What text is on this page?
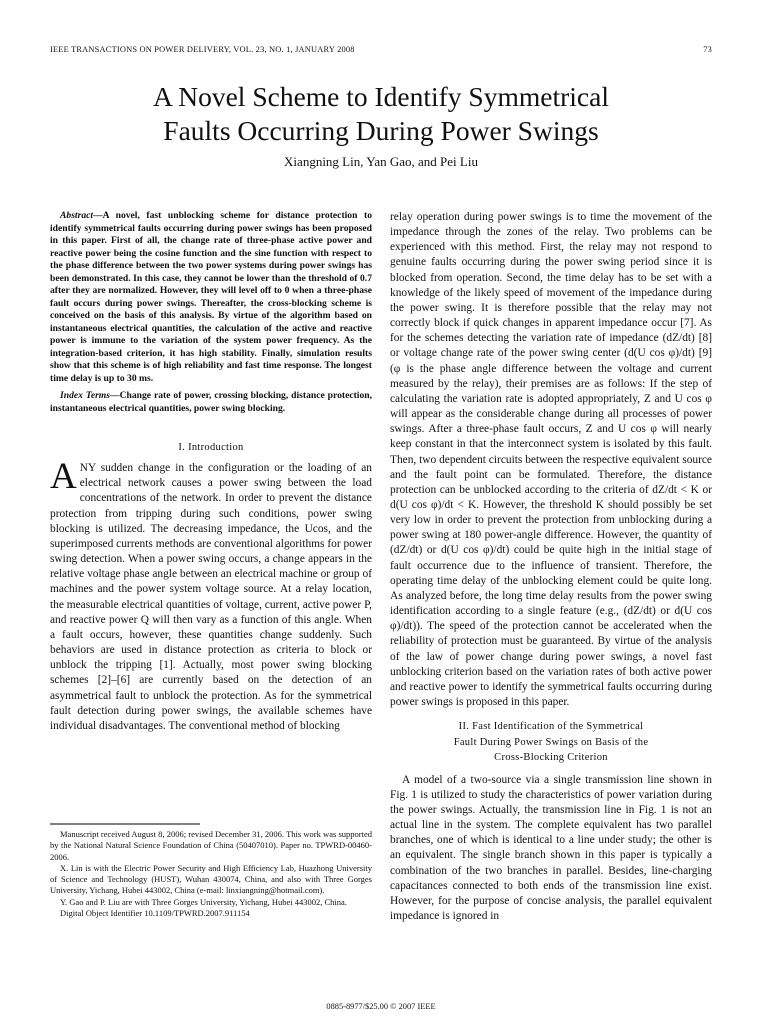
IEEE TRANSACTIONS ON POWER DELIVERY, VOL. 23, NO. 1, JANUARY 2008	73
A Novel Scheme to Identify Symmetrical
Faults Occurring During Power Swings
Xiangning Lin, Yan Gao, and Pei Liu

Abstract—A novel, fast unblocking scheme for distance protection to identify symmetrical faults occurring during power swings has been proposed in this paper. First of all, the change rate of three-phase active power and reactive power being the cosine function and the sine function with respect to the phase difference between the two power systems during power swings has been demonstrated. In this case, they cannot be lower than the threshold of 0.7 after they are normalized. However, they will level off to 0 when a three-phase fault occurs during power swings. Thereafter, the cross-blocking scheme is conceived on the basis of this analysis. By virtue of the algorithm based on instantaneous electrical quantities, the calculation of the active and reactive power is immune to the variation of the system power frequency. As the integration-based criterion, it has high stability. Finally, simulation results show that this scheme is of high reliability and fast time response. The longest time delay is up to 30 ms.

Index Terms—Change rate of power, crossing blocking, distance protection, instantaneous electrical quantities, power swing blocking.

I. Introduction

ANY sudden change in the configuration or the loading of an electrical network causes a power swing between the load concentrations of the network. In order to prevent the distance protection from tripping during such conditions, power swing blocking is utilized. The decreasing impedance, the Ucos, and the superimposed currents methods are conventional algorithms for power swing detection. When a power swing occurs, a change appears in the relative voltage phase angle between an electrical machine or group of machines and the power system voltage source. At a relay location, the measurable electrical quantities of voltage, current, active power P, and reactive power Q will then vary as a function of this angle. When a fault occurs, however, these quantities change suddenly. Such behaviors are used in distance protection as criteria to block or unblock the tripping [1]. Actually, most power swing blocking schemes [2]–[6] are currently based on the detection of an asymmetrical fault to unblock the protection. As for the symmetrical fault detection during power swings, the available schemes have individual disadvantages. The conventional method of blocking

Manuscript received August 8, 2006; revised December 31, 2006. This work was supported by the National Natural Science Foundation of China (50407010). Paper no. TPWRD-00460-2006.

X. Lin is with the Electric Power Security and High Efficiency Lab, Huazhong University of Science and Technology (HUST), Wuhan 430074, China, and also with Three Gorges University, Yichang, Hubei 443002, China (e-mail: linxiangning@hotmail.com).

Y. Gao and P. Liu are with Three Gorges University, Yichang, Hubei 443002, China.

Digital Object Identifier 10.1109/TPWRD.2007.911154

relay operation during power swings is to time the movement of the impedance through the zones of the relay. Two problems can be experienced with this method. First, the relay may not respond to genuine faults occurring during the power swing period since it is blocked from operation. Second, the time delay has to be set with a knowledge of the likely speed of movement of the impedance during the power swing. It is therefore possible that the relay may not correctly block if quick changes in apparent impedance occur [7]. As for the schemes detecting the variation rate of impedance (dZ/dt) [8] or voltage change rate of the power swing center (d(U cos φ)/dt) [9] (φ is the phase angle difference between the voltage and current measured by the relay), their premises are as follows: If the step of calculating the variation rate is adopted appropriately, Z and U cos φ will appear as the considerable change during all processes of power swings. After a three-phase fault occurs, Z and U cos φ will nearly keep constant in that the interconnect system is isolated by this fault. Then, two dependent circuits between the respective equivalent source and the fault point can be formulated. Therefore, the distance protection can be unblocked according to the criteria of dZ/dt < K or d(U cos φ)/dt < K. However, the threshold K should possibly be set very low in order to prevent the protection from unblocking during a power swing at 180 power-angle difference. However, the quantity of (dZ/dt) or d(U cos φ)/dt) could be quite high in the initial stage of fault occurrence due to the influence of transient. Therefore, the operating time delay of the unblocking element could be quite long. As analyzed before, the long time delay results from the power swing identification according to a single feature (e.g., (dZ/dt) or d(U cos φ)/dt)). The speed of the protection cannot be accelerated when the reliability of protection must be guaranteed. By virtue of the analysis of the law of power change during power swings, a novel fast unblocking criterion based on the variation rates of both active power and reactive power to identify the symmetrical faults occurring during power swings is proposed in this paper.

II. Fast Identification of the Symmetrical
Fault During Power Swings on Basis of the
Cross-Blocking Criterion

A model of a two-source via a single transmission line shown in Fig. 1 is utilized to study the characteristics of power variation during the power swings. Actually, the transmission line in Fig. 1 is not an actual line in the system. The complete equivalent has two parallel branches, one of which is identical to a line under study; the other is an equivalent. The single branch shown in this paper is typically a combination of the two branches in parallel. Besides, line-charging capacitances connected to both ends of the transmission line exist. However, for the purpose of concise analysis, the parallel equivalent impedance is ignored in

0885-8977/$25.00 © 2007 IEEE
